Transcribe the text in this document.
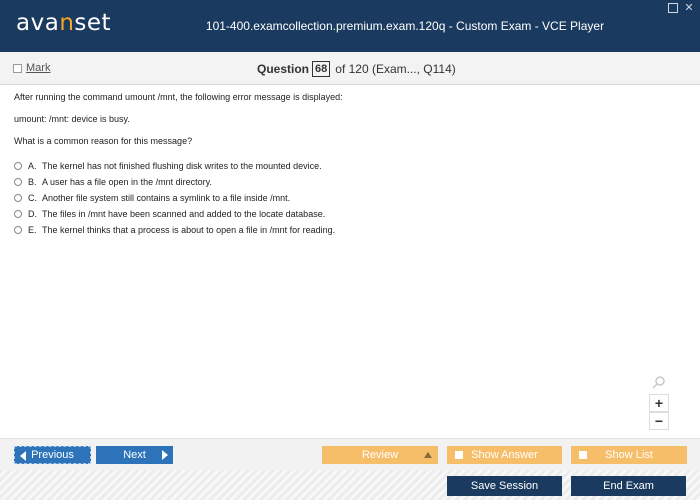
avanset	101-400.examcollection.premium.exam.120q - Custom Exam - VCE Player
✕
Mark	Question 68 of 120 (Exam..., Q114)

After running the command umount /mnt, the following error message is displayed:

umount: /mnt: device is busy.

What is a common reason for this message?

A. The kernel has not finished flushing disk writes to the mounted device.
B. A user has a file open in the /mnt directory.
C. Another file system still contains a symlink to a file inside /mnt.
D. The files in /mnt have been scanned and added to the locate database.
E. The kernel thinks that a process is about to open a file in /mnt for reading.
+
−
Previous	Next	Review	Show Answer	Show List
Save Session	End Exam
